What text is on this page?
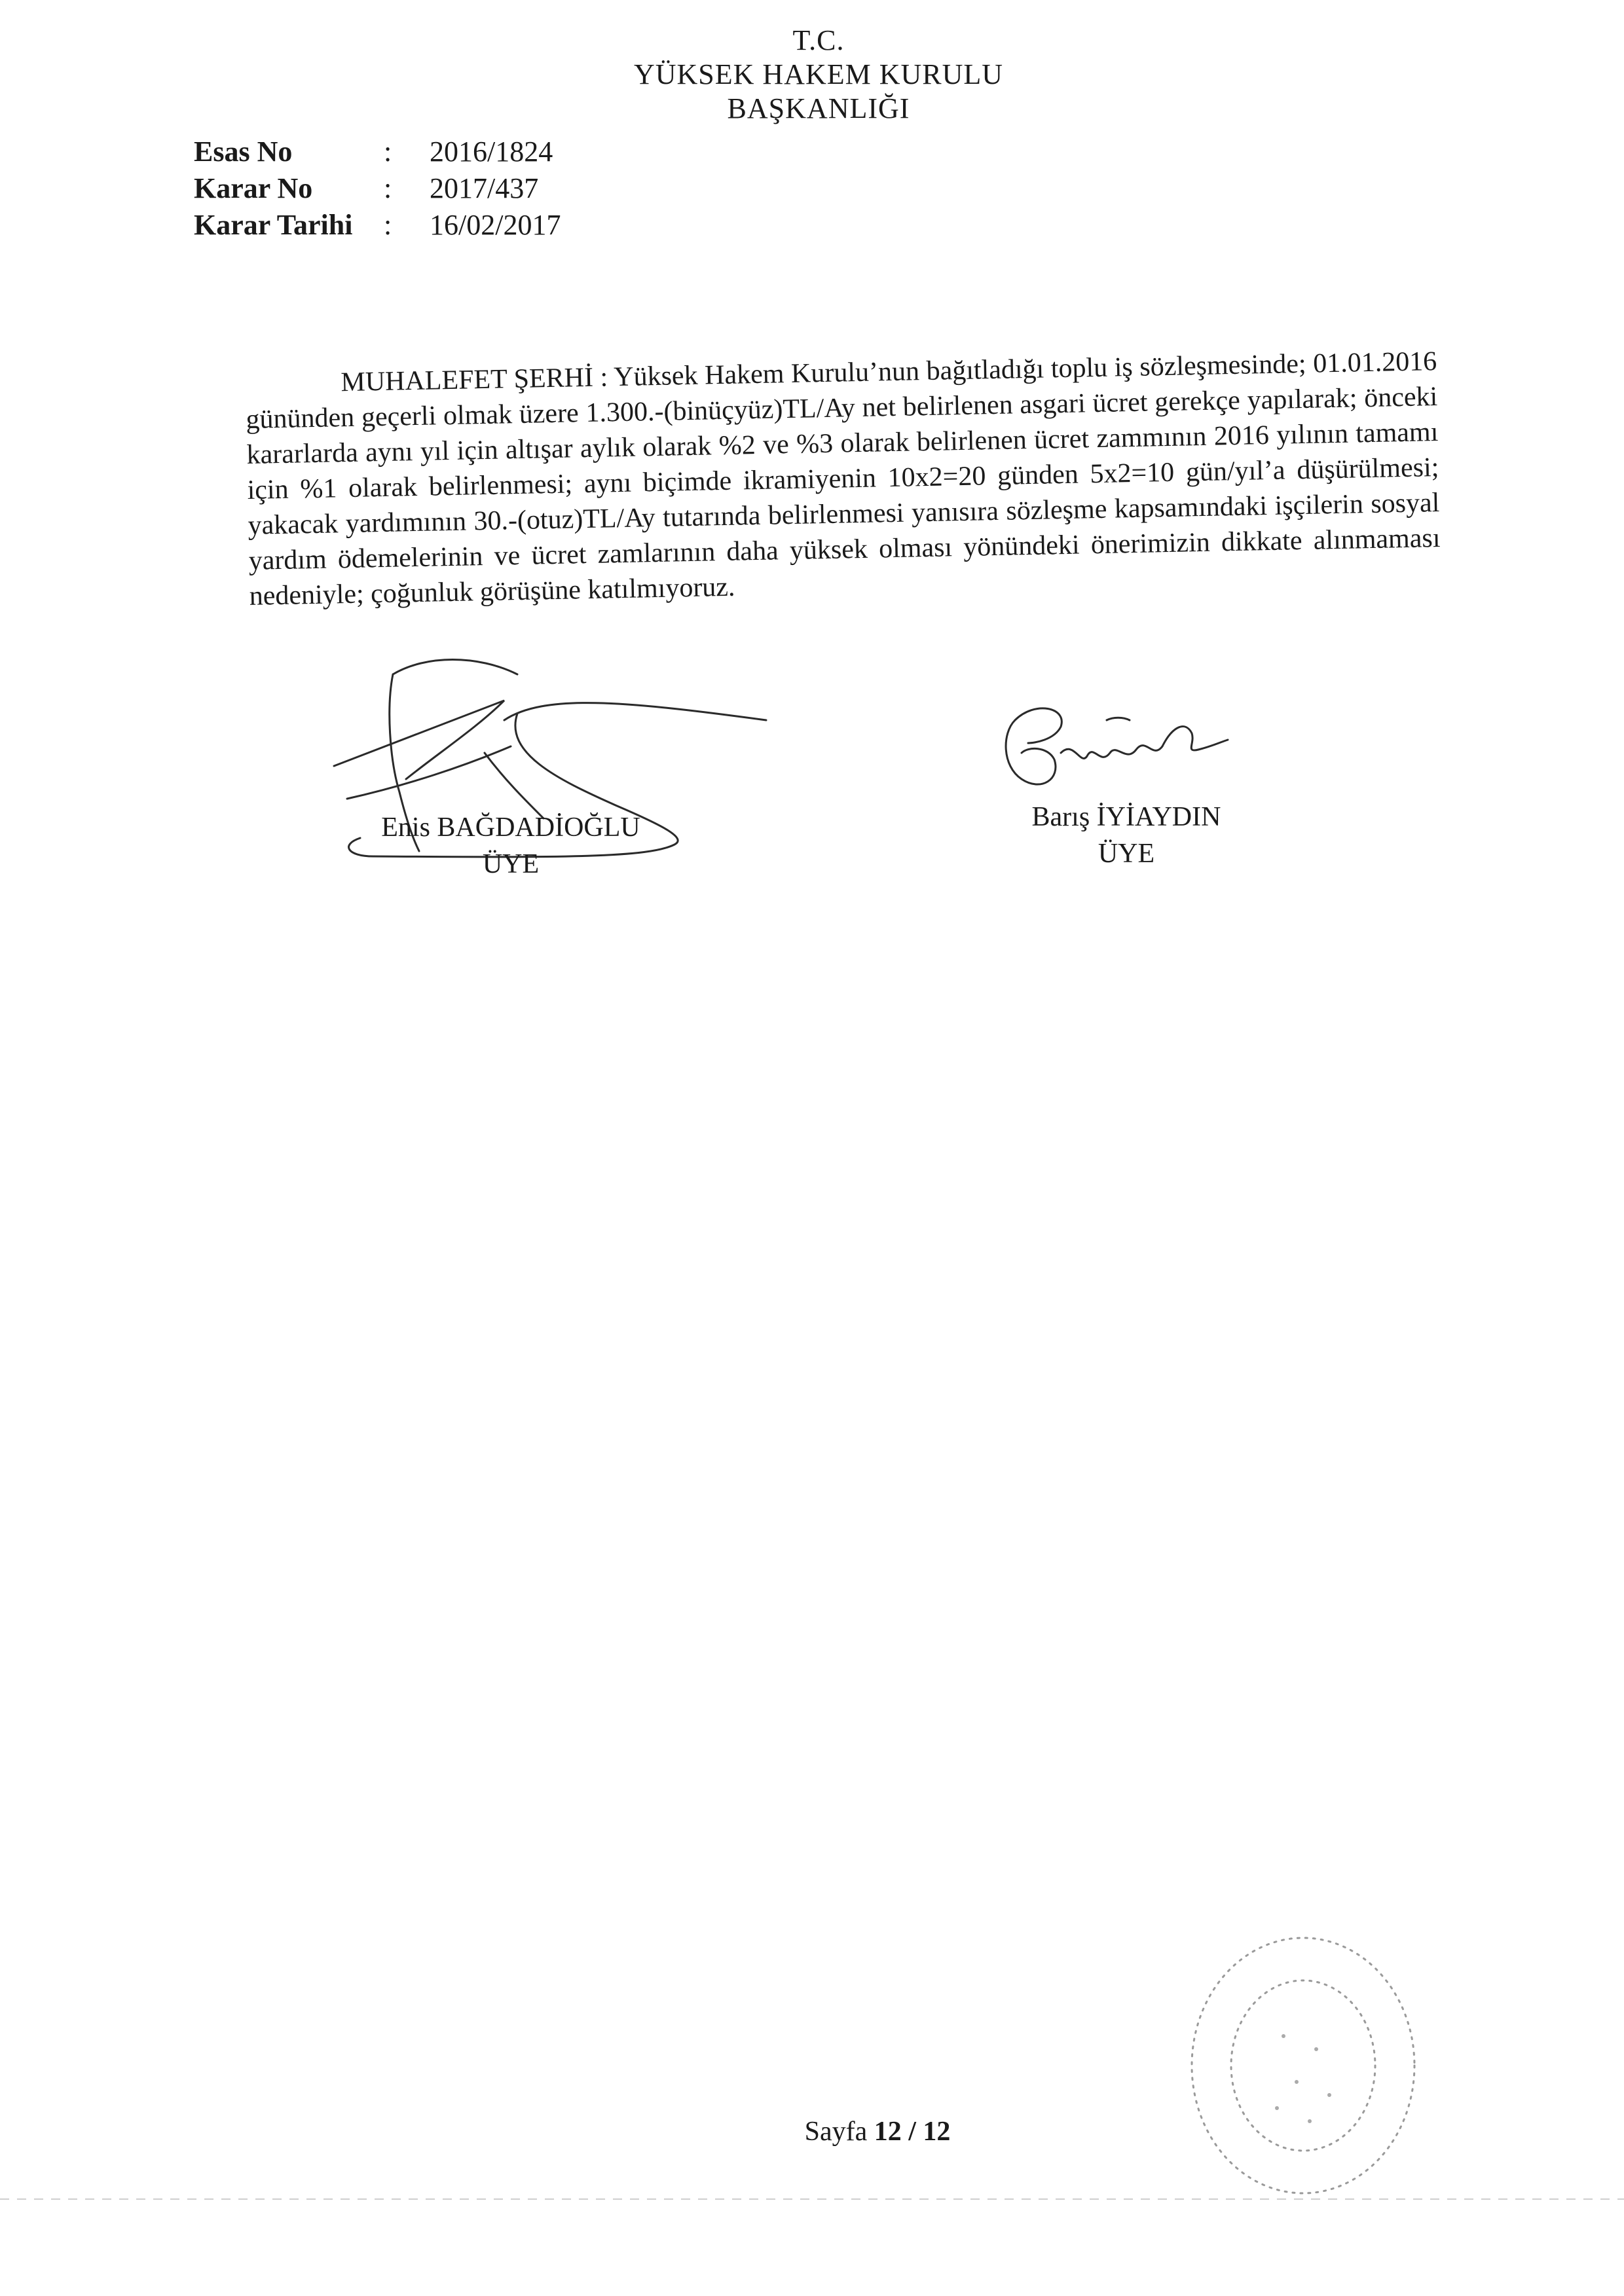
T.C.
YÜKSEK HAKEM KURULU
BAŞKANLIĞI
Esas No	:	2016/1824
Karar No	:	2017/437
Karar Tarihi	:	16/02/2017

MUHALEFET ŞERHİ : Yüksek Hakem Kurulu’nun bağıtladığı toplu iş sözleşmesinde; 01.01.2016 gününden geçerli olmak üzere 1.300.-(binüçyüz)TL/Ay net belirlenen asgari ücret gerekçe yapılarak; önceki kararlarda aynı yıl için altışar aylık olarak %2 ve %3 olarak belirlenen ücret zammının 2016 yılının tamamı için %1 olarak belirlenmesi; aynı biçimde ikramiyenin 10x2=20 günden 5x2=10 gün/yıl’a düşürülmesi; yakacak yardımının 30.-(otuz)TL/Ay tutarında belirlenmesi yanısıra sözleşme kapsamındaki işçilerin sosyal yardım ödemelerinin ve ücret zamlarının daha yüksek olması yönündeki önerimizin dikkate alınmaması nedeniyle; çoğunluk görüşüne katılmıyoruz.

Enis BAĞDADİOĞLU
ÜYE
Barış İYİAYDIN
ÜYE
Sayfa 12 / 12
